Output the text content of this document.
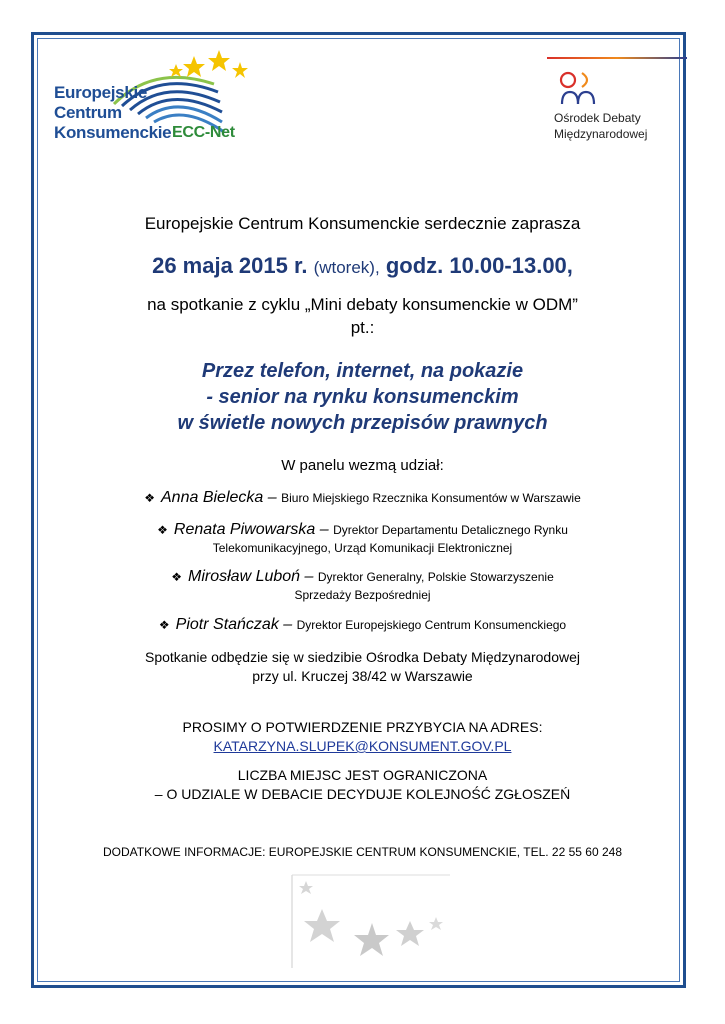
Europejskie
Centrum
Konsumenckie ECC-Net
Ośrodek Debaty
Międzynarodowej
Europejskie Centrum Konsumenckie serdecznie zaprasza
26 maja 2015 r. (wtorek), godz. 10.00-13.00,
na spotkanie z cyklu „Mini debaty konsumenckie w ODM”
pt.:
Przez telefon, internet, na pokazie
- senior na rynku konsumenckim
w świetle nowych przepisów prawnych
W panelu wezmą udział:
❖ Anna Bielecka – Biuro Miejskiego Rzecznika Konsumentów w Warszawie
❖ Renata Piwowarska – Dyrektor Departamentu Detalicznego Rynku
Telekomunikacyjnego, Urząd Komunikacji Elektronicznej
❖ Mirosław Luboń – Dyrektor Generalny, Polskie Stowarzyszenie
Sprzedaży Bezpośredniej
❖ Piotr Stańczak – Dyrektor Europejskiego Centrum Konsumenckiego
Spotkanie odbędzie się w siedzibie Ośrodka Debaty Międzynarodowej
przy ul. Kruczej 38/42 w Warszawie
PROSIMY O POTWIERDZENIE PRZYBYCIA NA ADRES:
KATARZYNA.SLUPEK@KONSUMENT.GOV.PL
LICZBA MIEJSC JEST OGRANICZONA
– O UDZIALE W DEBACIE DECYDUJE KOLEJNOŚĆ ZGŁOSZEŃ
DODATKOWE INFORMACJE: EUROPEJSKIE CENTRUM KONSUMENCKIE, TEL. 22 55 60 248
